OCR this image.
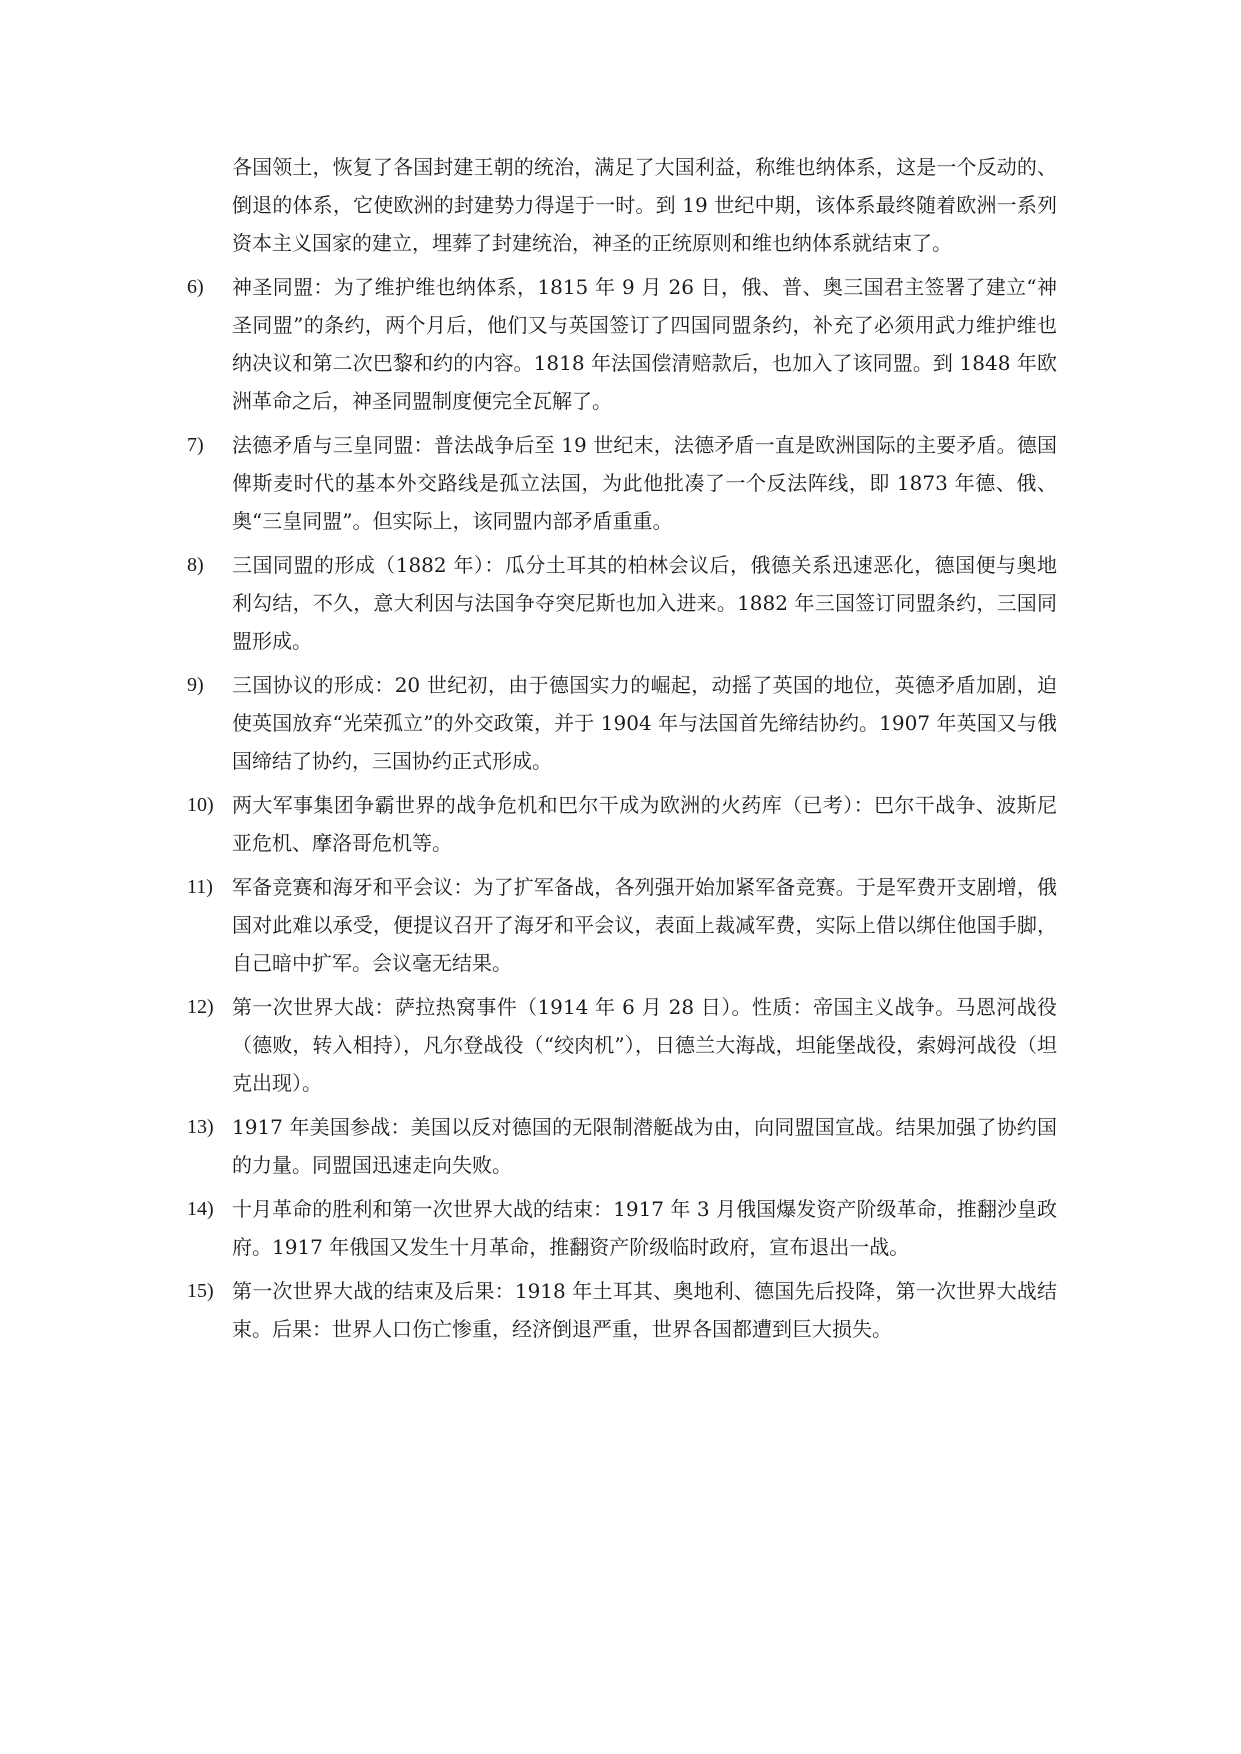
各国领土，恢复了各国封建王朝的统治，满足了大国利益，称维也纳体系，这是一个反动的、倒退的体系，它使欧洲的封建势力得逞于一时。到 19 世纪中期，该体系最终随着欧洲一系列资本主义国家的建立，埋葬了封建统治，神圣的正统原则和维也纳体系就结束了。

6)	神圣同盟：为了维护维也纳体系，1815 年 9 月 26 日，俄、普、奥三国君主签署了建立“神圣同盟”的条约，两个月后，他们又与英国签订了四国同盟条约，补充了必须用武力维护维也纳决议和第二次巴黎和约的内容。1818 年法国偿清赔款后，也加入了该同盟。到 1848 年欧洲革命之后，神圣同盟制度便完全瓦解了。
7)	法德矛盾与三皇同盟：普法战争后至 19 世纪末，法德矛盾一直是欧洲国际的主要矛盾。德国俾斯麦时代的基本外交路线是孤立法国，为此他批凑了一个反法阵线，即 1873 年德、俄、奥“三皇同盟”。但实际上，该同盟内部矛盾重重。
8)	三国同盟的形成（1882 年）：瓜分土耳其的柏林会议后，俄德关系迅速恶化，德国便与奥地利勾结，不久，意大利因与法国争夺突尼斯也加入进来。1882 年三国签订同盟条约，三国同盟形成。
9)	三国协议的形成：20 世纪初，由于德国实力的崛起，动摇了英国的地位，英德矛盾加剧，迫使英国放弃“光荣孤立”的外交政策，并于 1904 年与法国首先缔结协约。1907 年英国又与俄国缔结了协约，三国协约正式形成。
10) 两大军事集团争霸世界的战争危机和巴尔干成为欧洲的火药库（已考）：巴尔干战争、波斯尼亚危机、摩洛哥危机等。
11) 军备竞赛和海牙和平会议：为了扩军备战，各列强开始加紧军备竞赛。于是军费开支剧增，俄国对此难以承受，便提议召开了海牙和平会议，表面上裁减军费，实际上借以绑住他国手脚，自己暗中扩军。会议毫无结果。
12) 第一次世界大战：萨拉热窝事件（1914 年 6 月 28 日）。性质：帝国主义战争。马恩河战役（德败，转入相持），凡尔登战役（“绞肉机”），日德兰大海战，坦能堡战役，索姆河战役（坦克出现）。
13) 1917 年美国参战：美国以反对德国的无限制潜艇战为由，向同盟国宣战。结果加强了协约国的力量。同盟国迅速走向失败。
14) 十月革命的胜利和第一次世界大战的结束：1917 年 3 月俄国爆发资产阶级革命，推翻沙皇政府。1917 年俄国又发生十月革命，推翻资产阶级临时政府，宣布退出一战。
15) 第一次世界大战的结束及后果：1918 年土耳其、奥地利、德国先后投降，第一次世界大战结束。后果：世界人口伤亡惨重，经济倒退严重，世界各国都遭到巨大损失。
